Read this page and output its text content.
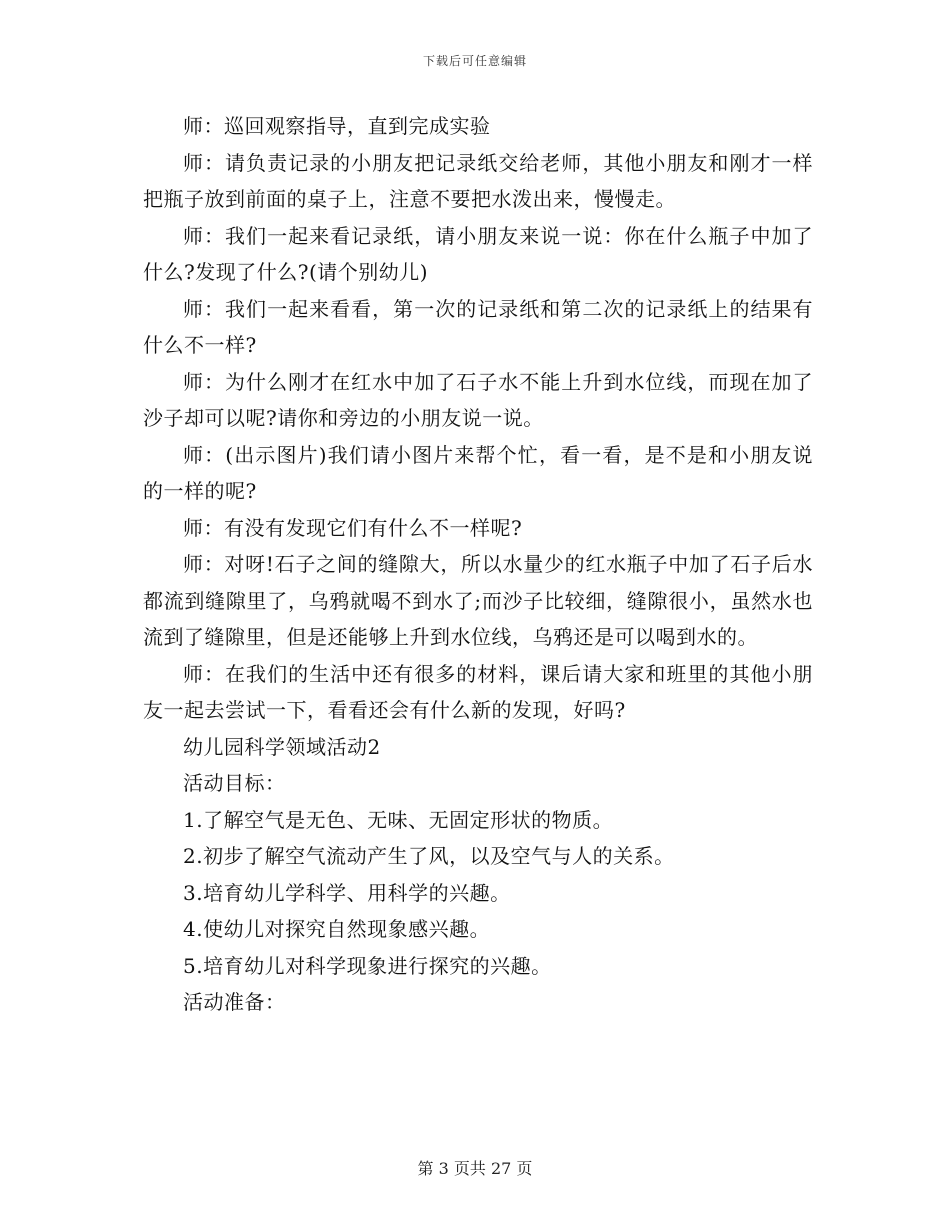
下载后可任意编辑

师：巡回观察指导，直到完成实验

师：请负责记录的小朋友把记录纸交给老师，其他小朋友和刚才一样把瓶子放到前面的桌子上，注意不要把水泼出来，慢慢走。

师：我们一起来看记录纸，请小朋友来说一说：你在什么瓶子中加了什么?发现了什么?(请个别幼儿)

师：我们一起来看看，第一次的记录纸和第二次的记录纸上的结果有什么不一样?

师：为什么刚才在红水中加了石子水不能上升到水位线，而现在加了沙子却可以呢?请你和旁边的小朋友说一说。

师：(出示图片)我们请小图片来帮个忙，看一看，是不是和小朋友说的一样的呢?

师：有没有发现它们有什么不一样呢?

师：对呀!石子之间的缝隙大，所以水量少的红水瓶子中加了石子后水都流到缝隙里了，乌鸦就喝不到水了;而沙子比较细，缝隙很小，虽然水也流到了缝隙里，但是还能够上升到水位线，乌鸦还是可以喝到水的。

师：在我们的生活中还有很多的材料，课后请大家和班里的其他小朋友一起去尝试一下，看看还会有什么新的发现，好吗?

幼儿园科学领域活动2

活动目标：

1.了解空气是无色、无味、无固定形状的物质。

2.初步了解空气流动产生了风，以及空气与人的关系。

3.培育幼儿学科学、用科学的兴趣。

4.使幼儿对探究自然现象感兴趣。

5.培育幼儿对科学现象进行探究的兴趣。

活动准备：

第 3 页共 27 页
